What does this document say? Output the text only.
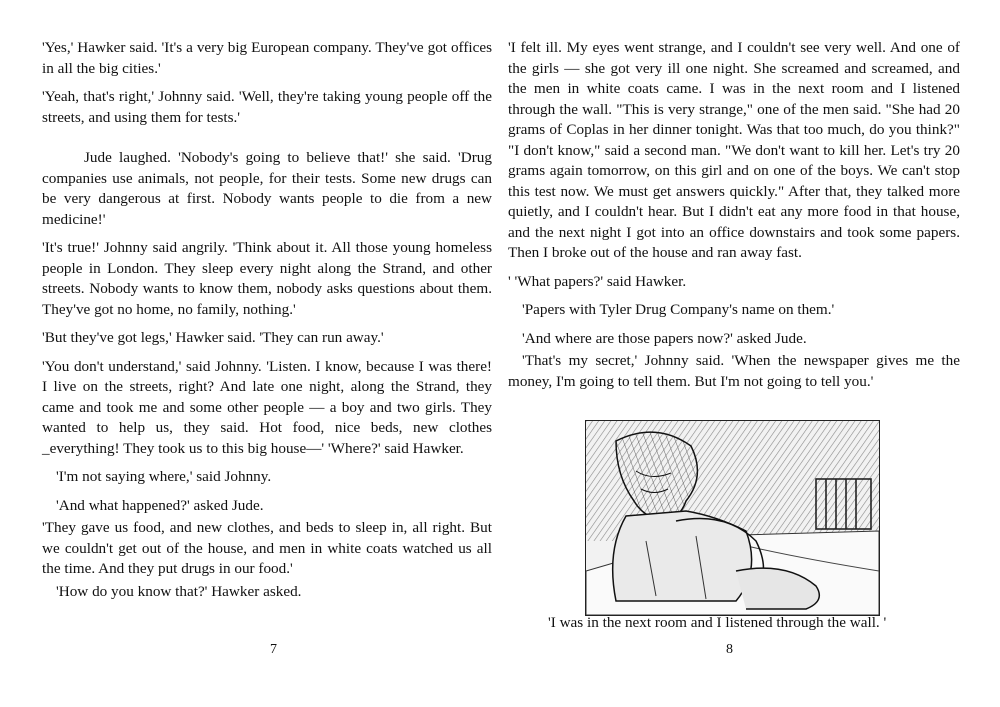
'Yes,' Hawker said. 'It's a very big European company. They've got offices in all the big cities.'

'Yeah, that's right,' Johnny said. 'Well, they're taking young people off the streets, and using them for tests.'

Jude laughed. 'Nobody's going to believe that!' she said. 'Drug companies use animals, not people, for their tests. Some new drugs can be very dangerous at first. Nobody wants people to die from a new medicine!'

'It's true!' Johnny said angrily. 'Think about it. All those young homeless people in London. They sleep every night along the Strand, and other streets. Nobody wants to know them, nobody asks questions about them. They've got no home, no family, nothing.'

'But they've got legs,' Hawker said. 'They can run away.'

'You don't understand,' said Johnny. 'Listen. I know, because I was there! I live on the streets, right? And late one night, along the Strand, they came and took me and some other people — a boy and two girls. They wanted to help us, they said. Hot food, nice beds, new clothes _everything! They took us to this big house—' 'Where?' said Hawker.

'I'm not saying where,' said Johnny.

'And what happened?' asked Jude.

'They gave us food, and new clothes, and beds to sleep in, all right. But we couldn't get out of the house, and men in white coats watched us all the time. And they put drugs in our food.'

'How do you know that?' Hawker asked.

7

'I felt ill. My eyes went strange, and I couldn't see very well. And one of the girls — she got very ill one night. She screamed and screamed, and the men in white coats came. I was in the next room and I listened through the wall. "This is very strange," one of the men said. "She had 20 grams of Coplas in her dinner tonight. Was that too much, do you think?" "I don't know," said a second man. "We don't want to kill her. Let's try 20 grams again tomorrow, on this girl and on one of the boys. We can't stop this test now. We must get answers quickly." After that, they talked more quietly, and I couldn't hear. But I didn't eat any more food in that house, and the next night I got into an office downstairs and took some papers. Then I broke out of the house and ran away fast.

' 'What papers?' said Hawker.

'Papers with Tyler Drug Company's name on them.'

'And where are those papers now?' asked Jude.

'That's my secret,' Johnny said. 'When the newspaper gives me the money, I'm going to tell them. But I'm not going to tell you.'

'I was in the next room and I listened through the wall. '
8
